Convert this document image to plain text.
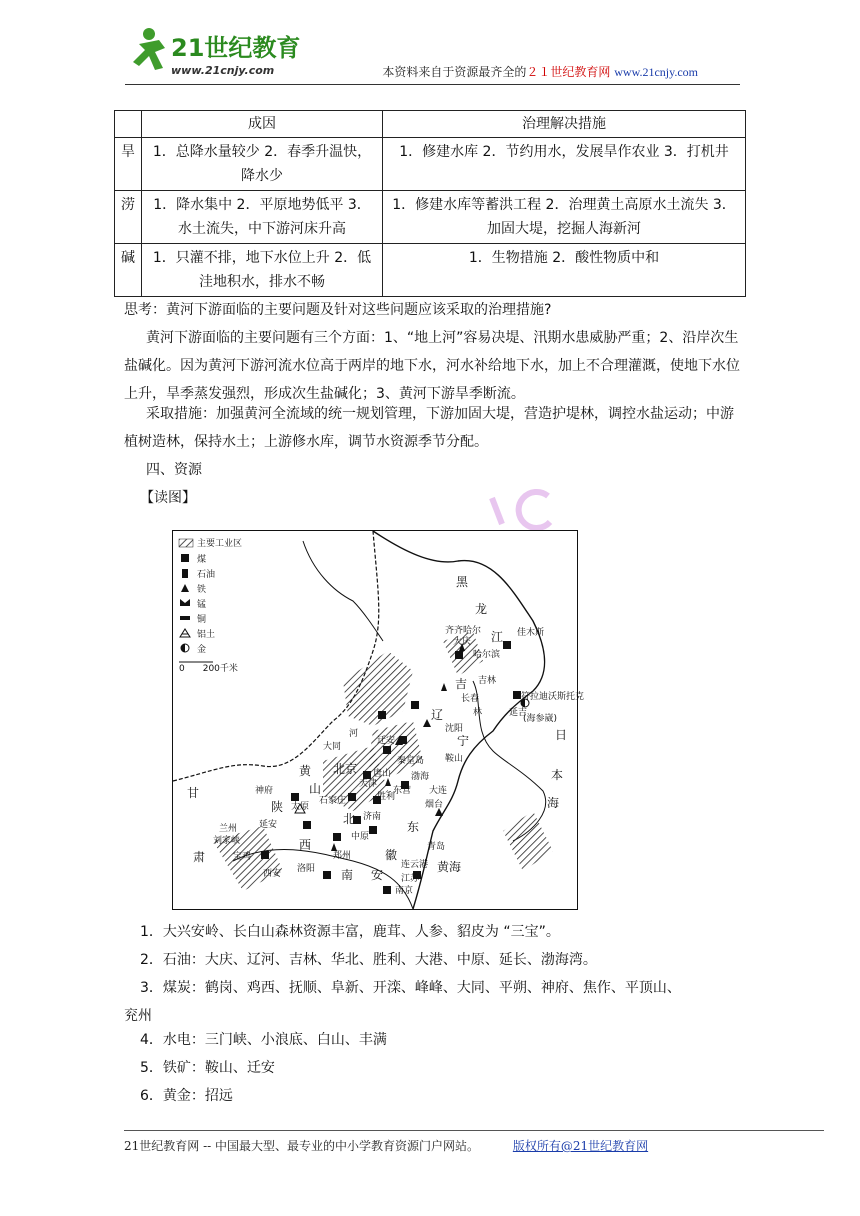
21世纪教育
www.21cnjy.com	本资料来自于资源最齐全的２１世纪教育网 www.21cnjy.com
	成因	治理解决措施
旱	1．总降水量较少 2．春季升温快，降水少	1．修建水库 2．节约用水，发展旱作农业 3．打机井
涝	1．降水集中 2．平原地势低平 3．水土流失，中下游河床升高	1．修建水库等蓄洪工程 2．治理黄土高原水土流失 3．加固大堤，挖掘人海新河
碱	1．只灌不排，地下水位上升 2．低洼地积水，排水不畅	1．生物措施 2．酸性物质中和
思考：黄河下游面临的主要问题及针对这些问题应该采取的治理措施?
黄河下游面临的主要问题有三个方面：1、“地上河”容易决堤、汛期水患威胁严重；2、沿岸次生盐碱化。因为黄河下游河流水位高于两岸的地下水，河水补给地下水，加上不合理灌溉，使地下水位上升，旱季蒸发强烈，形成次生盐碱化；3、黄河下游旱季断流。
采取措施：加强黄河全流域的统一规划管理，下游加固大堤，营造护堤林，调控水盐运动；中游植树造林，保持水土；上游修水库，调节水资源季节分配。
四、资源
【读图】
主要工业区
煤
石油
铁
锰
铜
铝土
金
0　　200千米
黑
龙
江
齐齐哈尔
大庆
哈尔滨
佳木斯
吉 吉林
长春
林	延吉
符拉迪沃斯托克
(海参崴)
日
本
海
辽
沈阳
宁
鞍山
河
迁安
大同
北京
天津
唐山
秦皇岛
渤海
大连
烟台
石家庄
太原
济南
胜利
东营
山
东
甘
肃
神府
延安
陕
西
郑州
中原
宝鸡
西安 洛阳 南 安
徽
江苏
连云港
南京
青岛
黄海
黄
兰州
刘家峡
北
1．大兴安岭、长白山森林资源丰富，鹿茸、人参、貂皮为 “三宝”。
2．石油：大庆、辽河、吉林、华北、胜利、大港、中原、延长、渤海湾。
3．煤炭：鹤岗、鸡西、抚顺、阜新、开滦、峰峰、大同、平朔、神府、焦作、平顶山、
兖州
4．水电：三门峡、小浪底、白山、丰满
5．铁矿：鞍山、迁安
6．黄金：招远
21世纪教育网 -- 中国最大型、最专业的中小学教育资源门户网站。	版权所有@21世纪教育网
